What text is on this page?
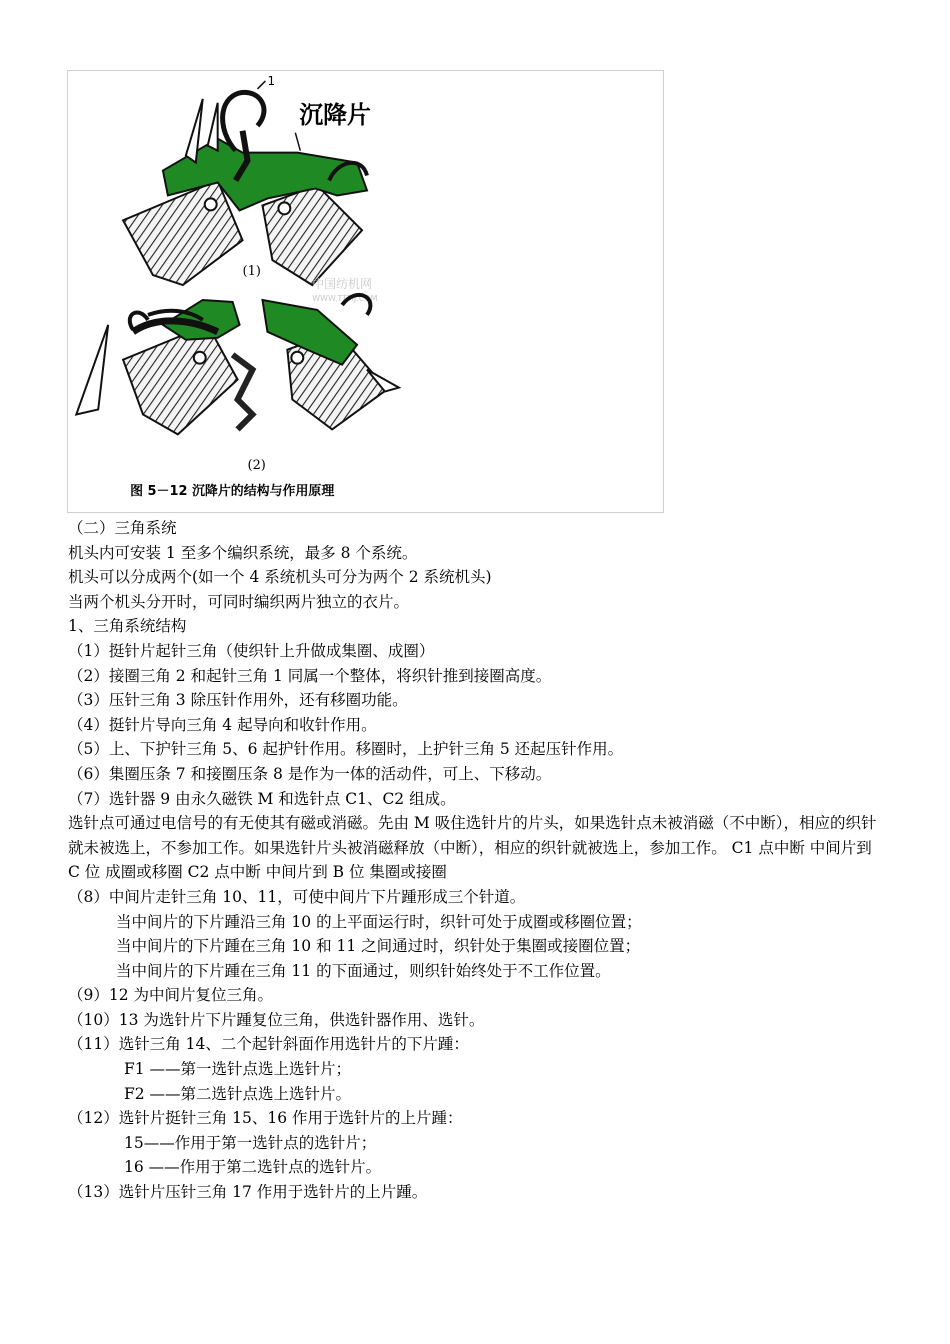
1
沉降片
(1)
中国纺机网
WWW.TTMJ.COM
(2)
图 5－12 沉降片的结构与作用原理

（二）三角系统

机头内可安装 1 至多个编织系统，最多 8 个系统。

机头可以分成两个(如一个 4 系统机头可分为两个 2 系统机头)

当两个机头分开时，可同时编织两片独立的衣片。

1、三角系统结构

（1）挺针片起针三角（使织针上升做成集圈、成圈）

（2）接圈三角 2 和起针三角 1 同属一个整体，将织针推到接圈高度。

（3）压针三角 3 除压针作用外，还有移圈功能。

（4）挺针片导向三角 4 起导向和收针作用。

（5）上、下护针三角 5、6 起护针作用。移圈时，上护针三角 5 还起压针作用。

（6）集圈压条 7 和接圈压条 8 是作为一体的活动件，可上、下移动。

（7）选针器 9 由永久磁铁 M 和选针点 C1、C2 组成。

选针点可通过电信号的有无使其有磁或消磁。先由 M 吸住选针片的片头，如果选针点未被消磁（不中断），相应的织针就未被选上，不参加工作。如果选针片头被消磁释放（中断），相应的织针就被选上，参加工作。 C1 点中断 中间片到 C 位 成圈或移圈 C2 点中断 中间片到 B 位 集圈或接圈

（8）中间片走针三角 10、11，可使中间片下片踵形成三个针道。

当中间片的下片踵沿三角 10 的上平面运行时，织针可处于成圈或移圈位置；

当中间片的下片踵在三角 10 和 11 之间通过时，织针处于集圈或接圈位置；

当中间片的下片踵在三角 11 的下面通过，则织针始终处于不工作位置。

（9）12 为中间片复位三角。

（10）13 为选针片下片踵复位三角，供选针器作用、选针。

（11）选针三角 14、二个起针斜面作用选针片的下片踵：

F1 ——第一选针点选上选针片；

F2 ——第二选针点选上选针片。

（12）选针片挺针三角 15、16 作用于选针片的上片踵：

15——作用于第一选针点的选针片；

16 ——作用于第二选针点的选针片。

（13）选针片压针三角 17 作用于选针片的上片踵。
